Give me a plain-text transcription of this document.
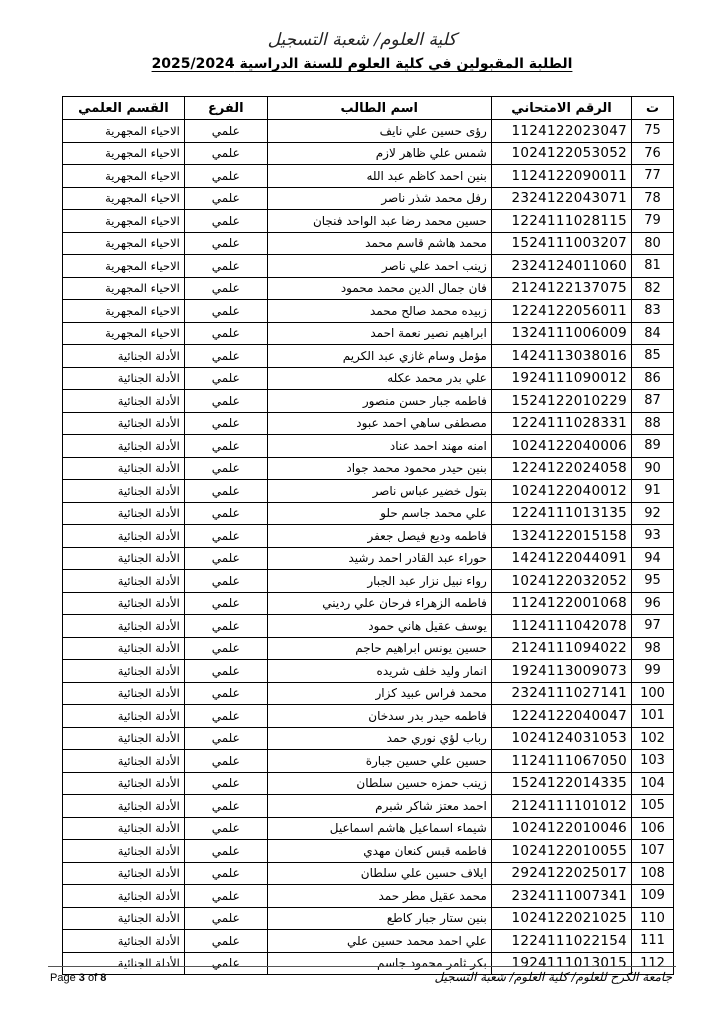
كلية العلوم/ شعبة التسجيل
الطلبة المقبولين في كلية العلوم للسنة الدراسية 2025/2024
ت	الرقم الامتحاني	اسم الطالب	الفرع	القسم العلمي
75	1124122023047	رؤى حسين علي نايف	علمي	الاحياء المجهرية
76	1024122053052	شمس علي ظاهر لازم	علمي	الاحياء المجهرية
77	1124122090011	بنين احمد كاظم عبد الله	علمي	الاحياء المجهرية
78	2324122043071	رفل محمد شذر ناصر	علمي	الاحياء المجهرية
79	1224111028115	حسين محمد رضا عبد الواحد فنجان	علمي	الاحياء المجهرية
80	1524111003207	محمد هاشم قاسم محمد	علمي	الاحياء المجهرية
81	2324124011060	زينب احمد علي ناصر	علمي	الاحياء المجهرية
82	2124122137075	فان جمال الدين محمد محمود	علمي	الاحياء المجهرية
83	1224122056011	زبيده محمد صالح محمد	علمي	الاحياء المجهرية
84	1324111006009	ابراهيم نصير نعمة احمد	علمي	الاحياء المجهرية
85	1424113038016	مؤمل وسام غازي عبد الكريم	علمي	الأدلة الجنائية
86	1924111090012	علي بدر محمد عكله	علمي	الأدلة الجنائية
87	1524122010229	فاطمه جبار حسن منصور	علمي	الأدلة الجنائية
88	1224111028331	مصطفى ساهي احمد عبود	علمي	الأدلة الجنائية
89	1024122040006	امنه مهند احمد عناد	علمي	الأدلة الجنائية
90	1224122024058	بنين حيدر محمود محمد جواد	علمي	الأدلة الجنائية
91	1024122040012	بتول خضير عباس ناصر	علمي	الأدلة الجنائية
92	1224111013135	علي محمد جاسم حلو	علمي	الأدلة الجنائية
93	1324122015158	فاطمه وديع فيصل جعفر	علمي	الأدلة الجنائية
94	1424122044091	حوراء عبد القادر احمد رشيد	علمي	الأدلة الجنائية
95	1024122032052	رواء نبيل نزار عبد الجبار	علمي	الأدلة الجنائية
96	1124122001068	فاطمه الزهراء فرحان علي رديني	علمي	الأدلة الجنائية
97	1124111042078	يوسف عقيل هاني حمود	علمي	الأدلة الجنائية
98	2124111094022	حسين يونس ابراهيم حاجم	علمي	الأدلة الجنائية
99	1924113009073	انمار وليد خلف شريده	علمي	الأدلة الجنائية
100	2324111027141	محمد فراس عبيد كزار	علمي	الأدلة الجنائية
101	1224122040047	فاطمه حيدر بدر سدخان	علمي	الأدلة الجنائية
102	1024124031053	رباب لؤي نوري حمد	علمي	الأدلة الجنائية
103	1124111067050	حسين علي حسين جبارة	علمي	الأدلة الجنائية
104	1524122014335	زينب حمزه حسين سلطان	علمي	الأدلة الجنائية
105	2124111101012	احمد معتز شاكر شبرم	علمي	الأدلة الجنائية
106	1024122010046	شيماء اسماعيل هاشم اسماعيل	علمي	الأدلة الجنائية
107	1024122010055	فاطمه قبس كنعان مهدي	علمي	الأدلة الجنائية
108	2924122025017	ايلاف حسين علي سلطان	علمي	الأدلة الجنائية
109	2324111007341	محمد عقيل مطر حمد	علمي	الأدلة الجنائية
110	1024122021025	بنين ستار جبار كاطع	علمي	الأدلة الجنائية
111	1224111022154	علي احمد محمد حسين علي	علمي	الأدلة الجنائية
112	1924111013015	بكر ثامر محمود جاسم	علمي	الأدلة الجنائية
Page 3 of 8	جامعة الكرخ للعلوم/ كلية العلوم/ شعبة التسجيل
